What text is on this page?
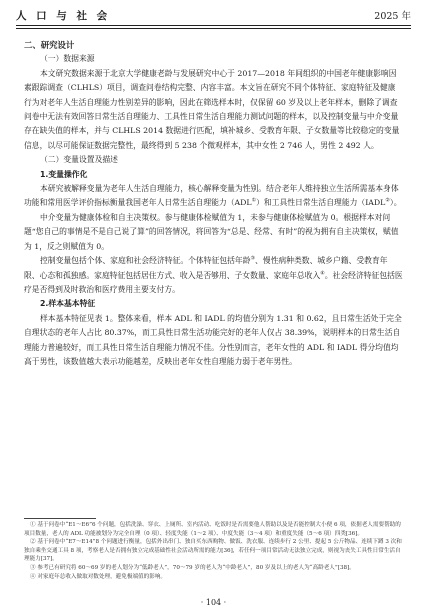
人 口 与 社 会	2025 年

二、研究设计

（一）数据来源

本文研究数据来源于北京大学健康老龄与发展研究中心于 2017—2018 年间组织的中国老年健康影响因素跟踪调查（CLHLS）项目，调查问卷结构完整、内容丰富。本文旨在研究不同个体特征、家庭特征及健康行为对老年人生活自理能力性别差异的影响，因此在筛选样本时，仅保留 60 岁及以上老年样本，删除了调查问卷中无法有效回答日常生活自理能力、工具性日常生活自理能力测试问题的样本，以及控制变量与中介变量存在缺失值的样本，并与 CLHLS 2014 数据进行匹配，填补城乡、受教育年限、子女数量等比较稳定的变量信息，以尽可能保证数据完整性，最终得到 5 238 个微观样本，其中女性 2 746 人，男性 2 492 人。

（二）变量设置及描述

1.变量操作化

本研究被解释变量为老年人生活自理能力，核心解释变量为性别。结合老年人维持独立生活所需基本身体功能和常用医学评价指标衡量我国老年人日常生活自理能力（ADL①）和工具性日常生活自理能力（IADL②）。

中介变量为健康体检和自主决策权。参与健康体检赋值为 1，未参与健康体检赋值为 0。根据样本对问题“您自己的事情是不是自己说了算”的回答情况，将回答为“总是、经常、有时”的视为拥有自主决策权，赋值为 1，反之则赋值为 0。

控制变量包括个体、家庭和社会经济特征。个体特征包括年龄③、慢性病种类数、城乡户籍、受教育年限、心态和孤独感。家庭特征包括居住方式、收入是否够用、子女数量、家庭年总收入④。社会经济特征包括医疗是否得到及时救治和医疗费用主要支付方。

2.样本基本特征

样本基本特征见表 1。整体来看，样本 ADL 和 IADL 的均值分别为 1.31 和 0.62，且日常生活处于完全自理状态的老年人占比 80.37%，而工具性日常生活功能完好的老年人仅占 38.39%，说明样本的日常生活自理能力普遍较好，而工具性日常生活自理能力情况不佳。分性别而言，老年女性的 ADL 和 IADL 得分均值均高于男性，该数值越大表示功能越差，反映出老年女性自理能力弱于老年男性。

① 基于问卷中“E1～E6”6 个问题，包括洗澡、穿衣、上厕所、室内活动、吃饭时是否需要他人帮助以及是否能控制大小便 6 项，依据老人需要帮助的项目数量，老人的 ADL 功能被划分为完全自理（0 项）、轻度失能（1～2 项）、中度失能（3～4 项）和重度失能（5～6 项）四类[36]。

② 基于问卷中“E7～E14”8 个问题进行衡量，包括外出串门、独自买东西购物、做饭、洗衣服、连续步行 2 公里、提起 5 公斤物品、连续下蹲 3 次和独自乘坐交通工具 8 项，考察老人是否拥有独立完成基础性社会活动所需的能力[36]，若任何一项目常活动无法独立完成，则视为丧失工具性日常生活自理能力[37]。

③ 参考已有研究将 60～69 岁的老人划分为“低龄老人”，70～79 岁的老人为“中龄老人”，80 岁及以上的老人为“高龄老人”[38]。

④ 对家庭年总收入做取对数处理，避免极端值的影响。

· 104 ·
